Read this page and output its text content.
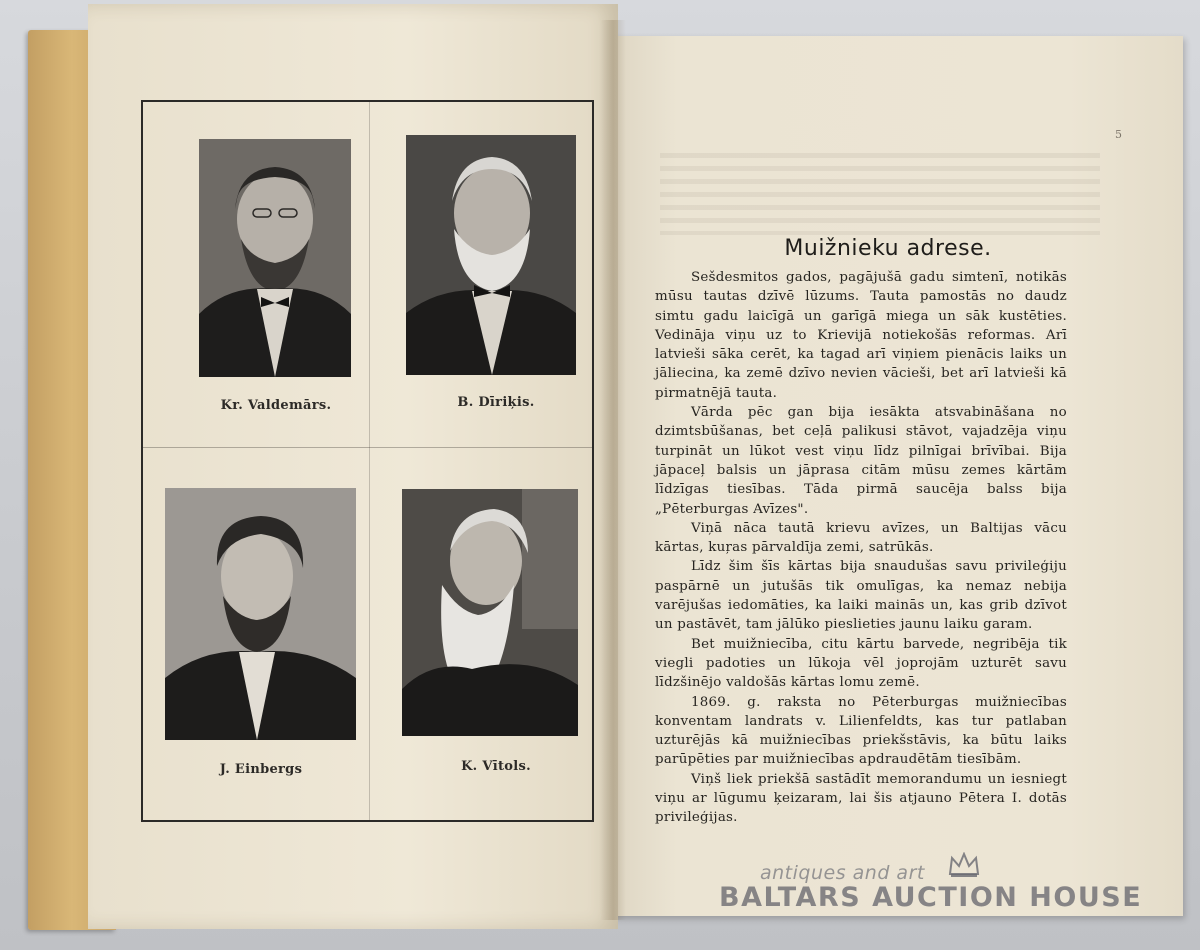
Kr. Valdemārs.	B. Dīriķis.
J. Einbergs	K. Vītols.
5
Muižnieku adrese.

Sešdesmitos gados, pagājušā gadu simtenī, notikās mūsu tautas dzīvē lūzums. Tauta pamostās no daudz simtu gadu laicīgā un garīgā miega un sāk kustēties. Vedināja viņu uz to Krievijā notiekošās reformas. Arī latvieši sāka cerēt, ka tagad arī viņiem pienācis laiks un jāliecina, ka zemē dzīvo nevien vācieši, bet arī latvieši kā pirmatnējā tauta.

Vārda pēc gan bija iesākta atsvabināšana no dzimtsbūšanas, bet ceļā palikusi stāvot, vajadzēja viņu turpināt un lūkot vest viņu līdz pilnīgai brīvībai. Bija jāpaceļ balsis un jāprasa citām mūsu zemes kārtām līdzīgas tiesības. Tāda pirmā saucēja balss bija „Pēterburgas Avīzes".

Viņā nāca tautā krievu avīzes, un Baltijas vācu kārtas, kuŗas pārvaldīja zemi, satrūkās.

Līdz šim šīs kārtas bija snaudušas savu privileģiju paspārnē un jutušās tik omulīgas, ka nemaz nebija varējušas iedomāties, ka laiki mainās un, kas grib dzīvot un pastāvēt, tam jālūko pieslieties jaunu laiku garam.

Bet muižniecība, citu kārtu barvede, negribēja tik viegli padoties un lūkoja vēl joprojām uzturēt savu līdzšinējo valdošās kārtas lomu zemē.

1869. g. raksta no Pēterburgas muižniecības konventam landrats v. Lilienfeldts, kas tur patlaban uzturējās kā muižniecības priekšstāvis, ka būtu laiks parūpēties par muižniecības apdraudētām tiesībām.

Viņš liek priekšā sastādīt memorandumu un iesniegt viņu ar lūgumu ķeizaram, lai šis atjauno Pētera I. dotās privileģijas.

antiques and art
BALTARS AUCTION HOUSE
